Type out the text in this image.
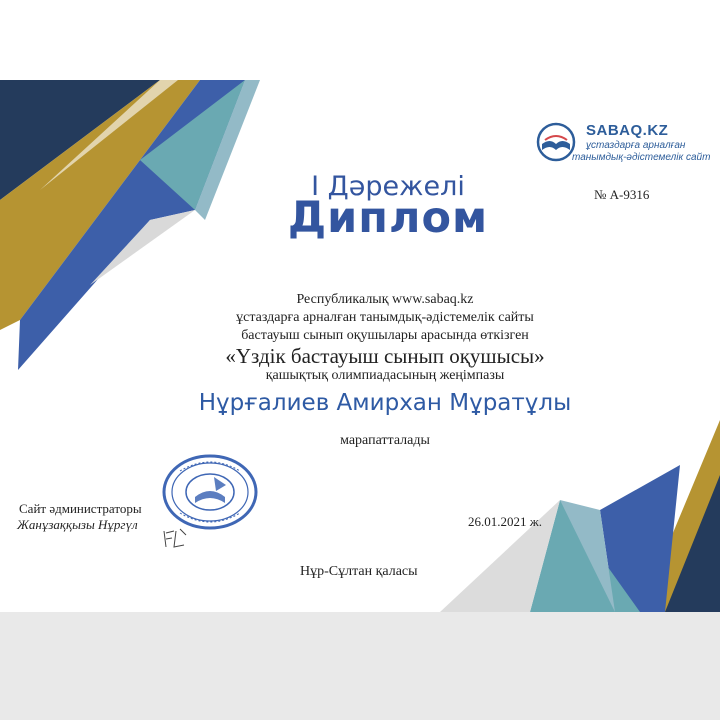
SABAQ.KZ
ұстаздарға арналған
танымдық-әдістемелік сайт
I Дәрежелі
Диплом	№ А-9316
Республикалық www.sabaq.kz
ұстаздарға арналған танымдық-әдістемелік сайты
бастауыш сынып оқушылары арасында өткізген
«Үздік бастауыш сынып оқушысы»
қашықтық олимпиадасының жеңімпазы
Нұрғалиев Амирхан Мұратұлы
марапатталады
Сайт әдминистраторы
Жанұзаққызы Нұргүл	26.01.2021 ж.
Нұр-Сұлтан қаласы
